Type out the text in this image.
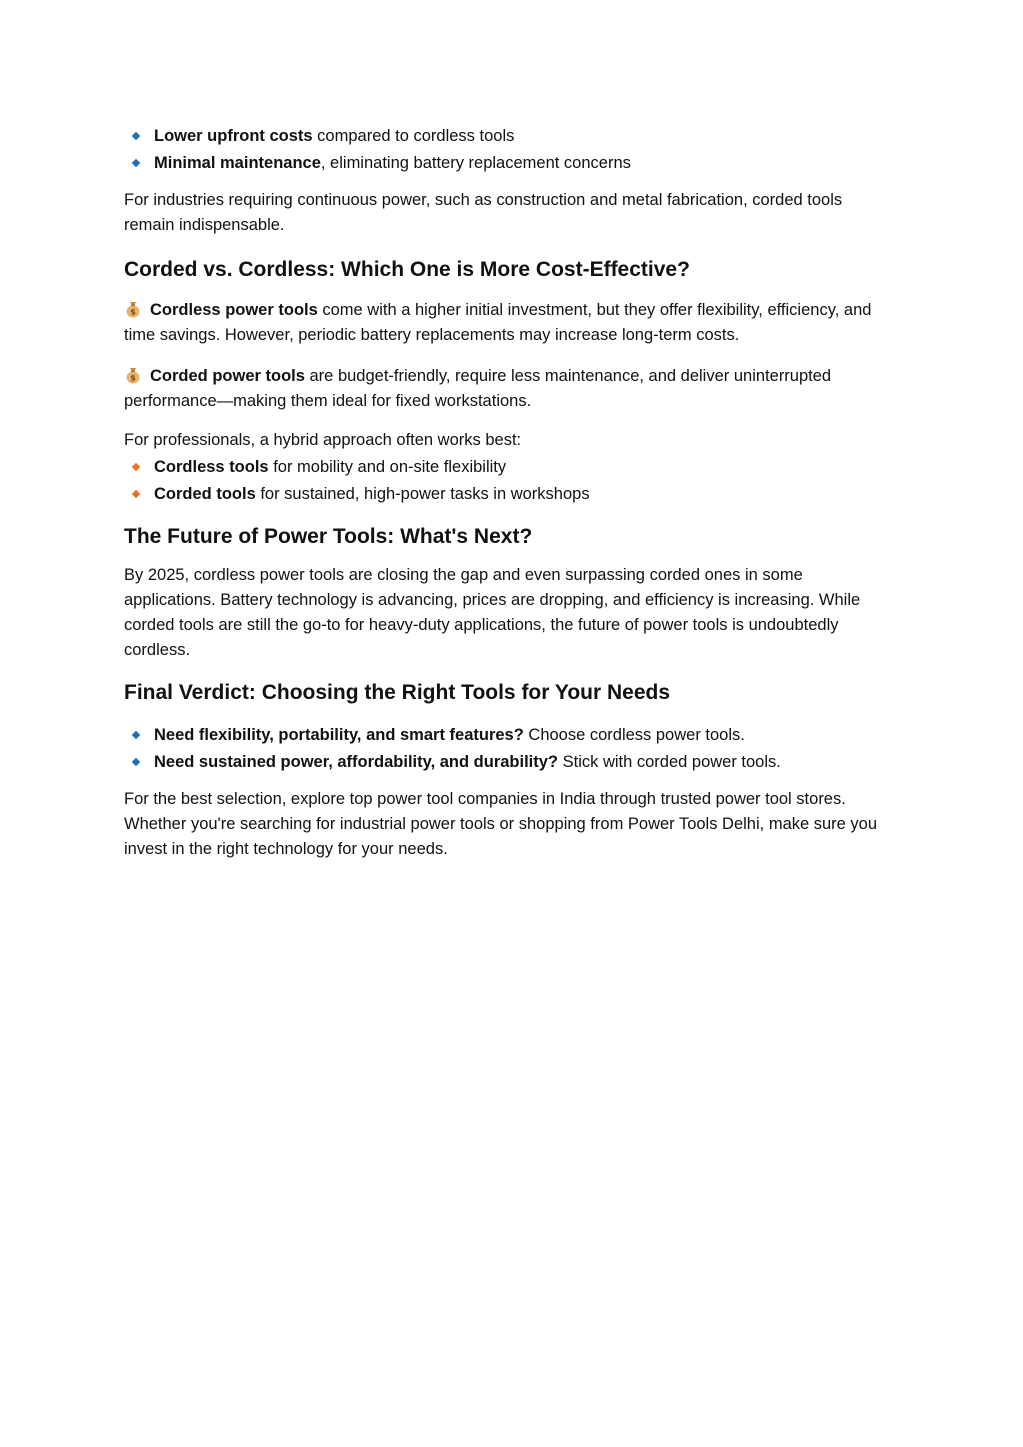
Lower upfront costs compared to cordless tools
Minimal maintenance, eliminating battery replacement concerns

For industries requiring continuous power, such as construction and metal fabrication, corded tools remain indispensable.

Corded vs. Cordless: Which One is More Cost-Effective?

$ Cordless power tools come with a higher initial investment, but they offer flexibility, efficiency, and time savings. However, periodic battery replacements may increase long-term costs.

$ Corded power tools are budget-friendly, require less maintenance, and deliver uninterrupted performance—making them ideal for fixed workstations.

For professionals, a hybrid approach often works best:

Cordless tools for mobility and on-site flexibility
Corded tools for sustained, high-power tasks in workshops
The Future of Power Tools: What's Next?

By 2025, cordless power tools are closing the gap and even surpassing corded ones in some applications. Battery technology is advancing, prices are dropping, and efficiency is increasing. While corded tools are still the go-to for heavy-duty applications, the future of power tools is undoubtedly cordless.

Final Verdict: Choosing the Right Tools for Your Needs
Need flexibility, portability, and smart features? Choose cordless power tools.
Need sustained power, affordability, and durability? Stick with corded power tools.

For the best selection, explore top power tool companies in India through trusted power tool stores. Whether you're searching for industrial power tools or shopping from Power Tools Delhi, make sure you invest in the right technology for your needs.
